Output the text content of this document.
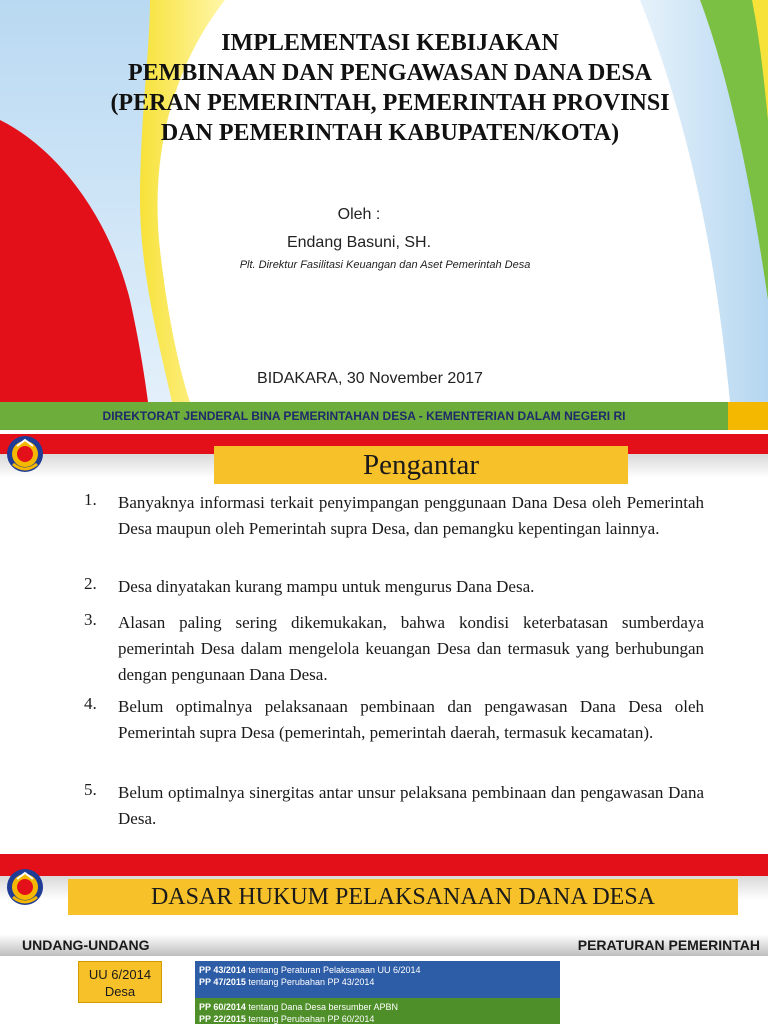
IMPLEMENTASI KEBIJAKAN
PEMBINAAN DAN PENGAWASAN DANA DESA
(PERAN PEMERINTAH, PEMERINTAH PROVINSI
DAN PEMERINTAH KABUPATEN/KOTA)
Oleh :
Endang Basuni, SH.
Plt. Direktur Fasilitasi Keuangan dan Aset Pemerintah Desa
BIDAKARA, 30 November 2017
DIREKTORAT JENDERAL BINA PEMERINTAHAN DESA - KEMENTERIAN DALAM NEGERI RI
Pengantar
1.	Banyaknya informasi terkait penyimpangan penggunaan Dana Desa oleh Pemerintah Desa maupun oleh Pemerintah supra Desa, dan pemangku kepentingan lainnya.
2.	Desa dinyatakan kurang mampu untuk mengurus Dana Desa.
3.	Alasan paling sering dikemukakan, bahwa kondisi keterbatasan sumberdaya pemerintah Desa dalam mengelola keuangan Desa dan termasuk yang berhubungan dengan pengunaan Dana Desa.
4.	Belum optimalnya pelaksanaan pembinaan dan pengawasan Dana Desa oleh Pemerintah supra Desa (pemerintah, pemerintah daerah, termasuk kecamatan).
5.	Belum optimalnya sinergitas antar unsur pelaksana pembinaan dan pengawasan Dana Desa.
DASAR HUKUM PELAKSANAAN DANA DESA
UNDANG-UNDANG	PERATURAN PEMERINTAH
UU 6/2014
Desa
PP 43/2014 tentang Peraturan Pelaksanaan UU 6/2014
PP 47/2015 tentang Perubahan PP 43/2014
PP 60/2014 tentang Dana Desa bersumber APBN
PP 22/2015 tentang Perubahan PP 60/2014
